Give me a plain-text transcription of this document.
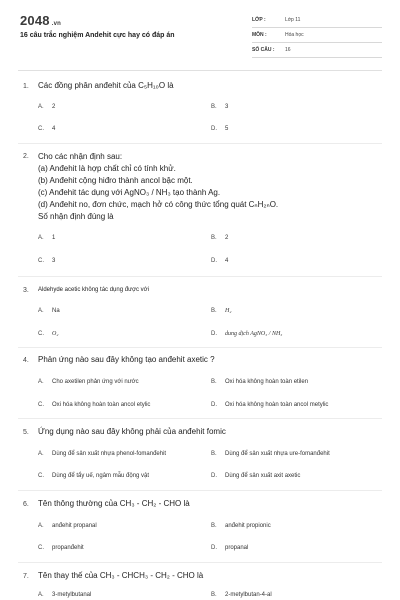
2048 .vn
16 câu trắc nghiệm Andehit cực hay có đáp án
LỚP :	Lớp 11
MÔN :	Hóa học
SỐ CÂU : 16
1. Các đồng phân anđehit của C₅H₁₀O là
A. 2	B. 3
C. 4	D. 5
2. Cho các nhận định sau:
(a) Anđehit là hợp chất chỉ có tính khử.
(b) Anđehit cộng hiđro thành ancol bậc một.
(c) Anđehit tác dụng với AgNO₃ / NH₃ tạo thành Ag.
(d) Anđehit no, đơn chức, mạch hở có công thức tổng quát CₙH₂ₙO.
Số nhận định đúng là
A. 1	B. 2
C. 3	D. 4
3. Aldehyde acetic không tác dụng được với
A. Na	B. H₂
C. O₂	D. dung dịch AgNO₃ / NH₃
4. Phản ứng nào sau đây không tạo anđehit axetic ?
A. Cho axetilen phản ứng với nước	B. Oxi hóa không hoàn toàn etilen
C. Oxi hóa không hoàn toàn ancol etylic	D. Oxi hóa không hoàn toàn ancol metylic
5. Ứng dụng nào sau đây không phải của anđehit fomic
A. Dùng để sản xuất nhựa phenol-fomanđehit	B. Dùng để sản xuất nhựa ure-fomanđehit
C. Dùng để tẩy uế, ngâm mẫu động vật	D. Dùng để sản xuất axit axetic
6. Tên thông thường của CH₃ - CH₂ - CHO là
A. anđehit propanal	B. anđehit propionic
C. propanđehit	D. propanal
7. Tên thay thế của CH₃ - CHCH₃ - CH₂ - CHO là
A. 3-metylbutanal	B. 2-metylbutan-4-al
